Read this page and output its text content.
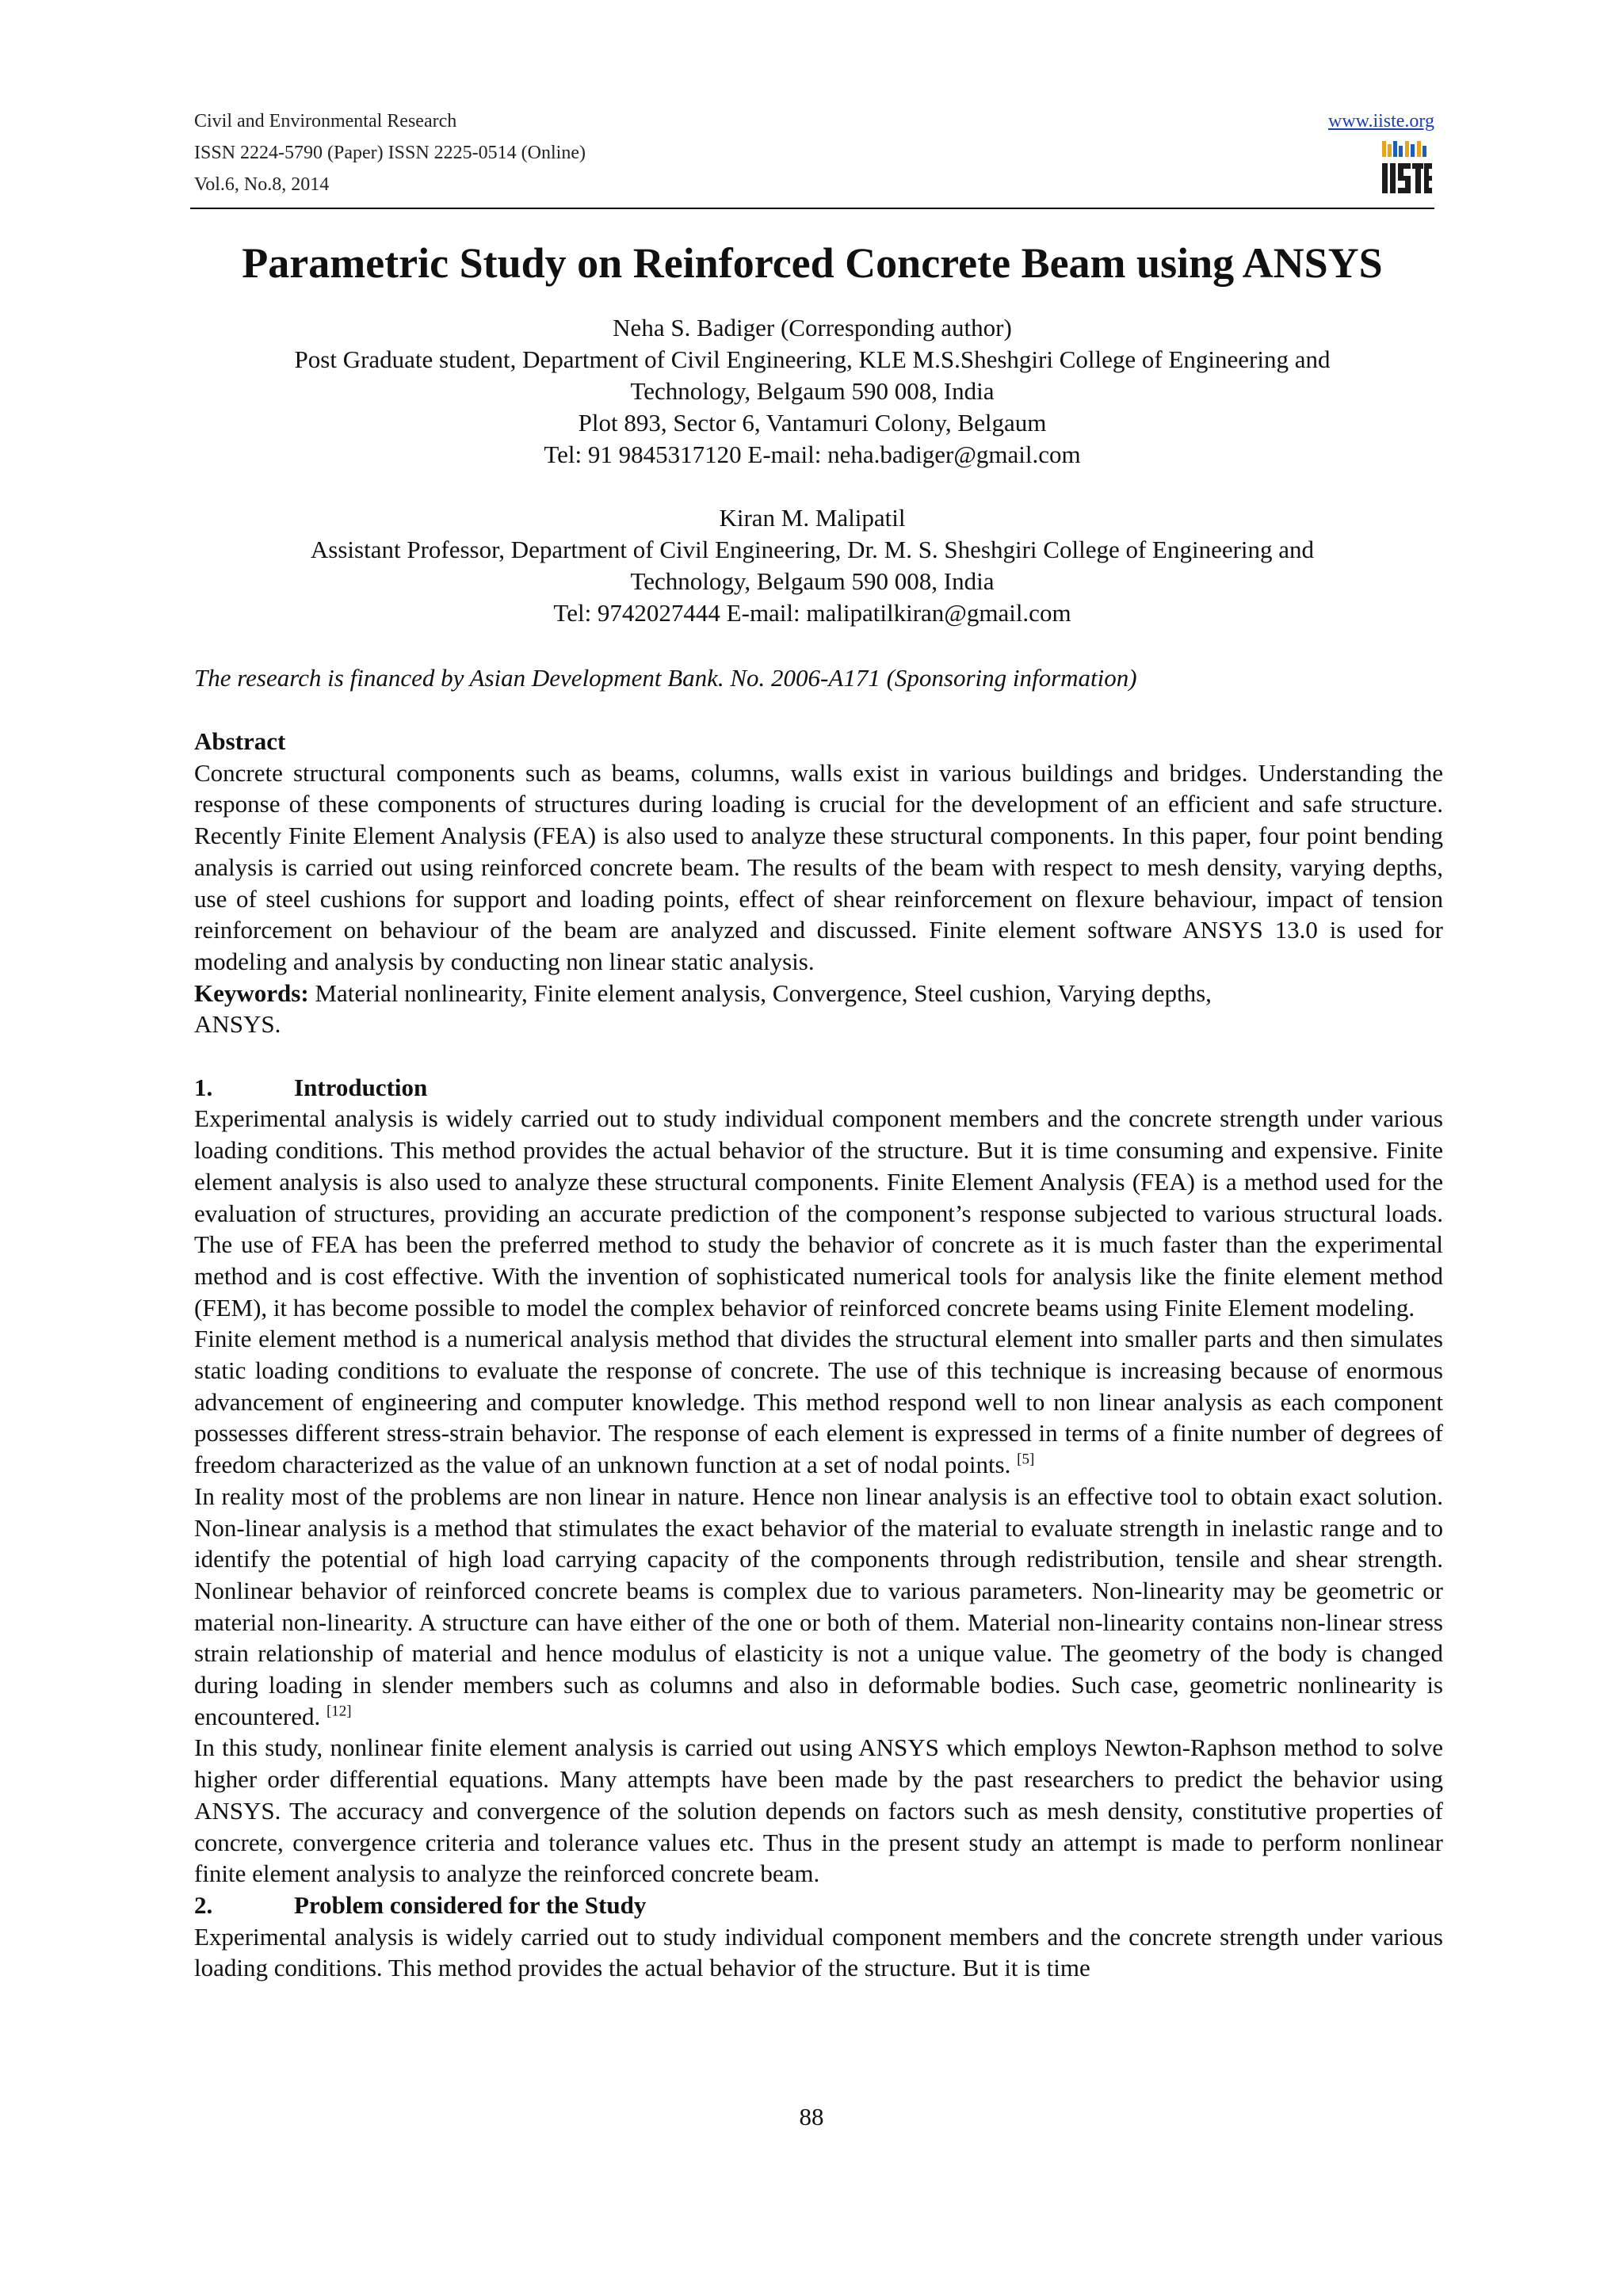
Civil and Environmental Research
ISSN 2224-5790 (Paper) ISSN 2225-0514 (Online)
Vol.6, No.8, 2014
www.iiste.org
Parametric Study on Reinforced Concrete Beam using ANSYS
Neha S. Badiger (Corresponding author)
Post Graduate student, Department of Civil Engineering, KLE M.S.Sheshgiri College of Engineering and
Technology, Belgaum 590 008, India
Plot 893, Sector 6, Vantamuri Colony, Belgaum
Tel: 91 9845317120 E-mail: neha.badiger@gmail.com
Kiran M. Malipatil
Assistant Professor, Department of Civil Engineering, Dr. M. S. Sheshgiri College of Engineering and
Technology, Belgaum 590 008, India
Tel: 9742027444 E-mail: malipatilkiran@gmail.com
The research is financed by Asian Development Bank. No. 2006-A171 (Sponsoring information)

Abstract

Concrete structural components such as beams, columns, walls exist in various buildings and bridges. Understanding the response of these components of structures during loading is crucial for the development of an efficient and safe structure. Recently Finite Element Analysis (FEA) is also used to analyze these structural components. In this paper, four point bending analysis is carried out using reinforced concrete beam. The results of the beam with respect to mesh density, varying depths, use of steel cushions for support and loading points, effect of shear reinforcement on flexure behaviour, impact of tension reinforcement on behaviour of the beam are analyzed and discussed. Finite element software ANSYS 13.0 is used for modeling and analysis by conducting non linear static analysis.

Keywords: Material nonlinearity, Finite element analysis, Convergence, Steel cushion, Varying depths,
ANSYS.

1.	Introduction

Experimental analysis is widely carried out to study individual component members and the concrete strength under various loading conditions. This method provides the actual behavior of the structure. But it is time consuming and expensive. Finite element analysis is also used to analyze these structural components. Finite Element Analysis (FEA) is a method used for the evaluation of structures, providing an accurate prediction of the component’s response subjected to various structural loads. The use of FEA has been the preferred method to study the behavior of concrete as it is much faster than the experimental method and is cost effective. With the invention of sophisticated numerical tools for analysis like the finite element method (FEM), it has become possible to model the complex behavior of reinforced concrete beams using Finite Element modeling.

Finite element method is a numerical analysis method that divides the structural element into smaller parts and then simulates static loading conditions to evaluate the response of concrete. The use of this technique is increasing because of enormous advancement of engineering and computer knowledge. This method respond well to non linear analysis as each component possesses different stress-strain behavior. The response of each element is expressed in terms of a finite number of degrees of freedom characterized as the value of an unknown function at a set of nodal points. [5]

In reality most of the problems are non linear in nature. Hence non linear analysis is an effective tool to obtain exact solution. Non-linear analysis is a method that stimulates the exact behavior of the material to evaluate strength in inelastic range and to identify the potential of high load carrying capacity of the components through redistribution, tensile and shear strength. Nonlinear behavior of reinforced concrete beams is complex due to various parameters. Non-linearity may be geometric or material non-linearity. A structure can have either of the one or both of them. Material non-linearity contains non-linear stress strain relationship of material and hence modulus of elasticity is not a unique value. The geometry of the body is changed during loading in slender members such as columns and also in deformable bodies. Such case, geometric nonlinearity is encountered. [12]

In this study, nonlinear finite element analysis is carried out using ANSYS which employs Newton-Raphson method to solve higher order differential equations. Many attempts have been made by the past researchers to predict the behavior using ANSYS. The accuracy and convergence of the solution depends on factors such as mesh density, constitutive properties of concrete, convergence criteria and tolerance values etc. Thus in the present study an attempt is made to perform nonlinear finite element analysis to analyze the reinforced concrete beam.

2.	Problem considered for the Study

Experimental analysis is widely carried out to study individual component members and the concrete strength under various loading conditions. This method provides the actual behavior of the structure. But it is time

88
